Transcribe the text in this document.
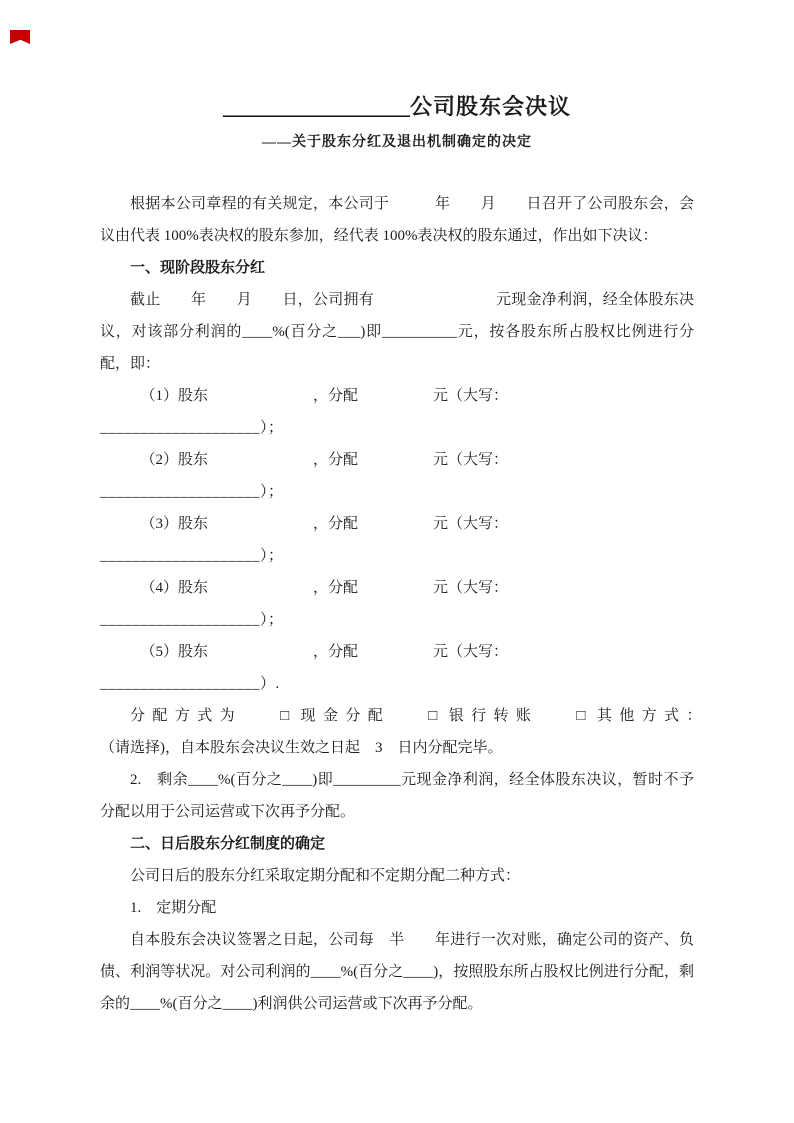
_________________公司股东会决议
——关于股东分红及退出机制确定的决定

根据本公司章程的有关规定，本公司于　　　年　　月　　日召开了公司股东会，会议由代表 100%表决权的股东参加，经代表 100%表决权的股东通过，作出如下决议：

一、现阶段股东分红

截止　　年　　月　　日，公司拥有　　　　　　　　元现金净利润，经全体股东决议，对该部分利润的____%(百分之___)即__________元，按各股东所占股权比例进行分配，即：

（1）股东　　　　　　　，分配　　　　　元（大写：

____________________）；

（2）股东　　　　　　　，分配　　　　　元（大写：

____________________）；

（3）股东　　　　　　　，分配　　　　　元（大写：

____________________）；

（4）股东　　　　　　　，分配　　　　　元（大写：

____________________）；

（5）股东　　　　　　　，分配　　　　　元（大写：

____________________）.

分配方式为	□ 现金分配	□ 银行转账	□ 其他方式：　　　　　　　　　　　　　（请选择)，自本股东会决议生效之日起　3　日内分配完毕。

2.　剩余____%(百分之____)即_________元现金净利润，经全体股东决议，暂时不予分配以用于公司运营或下次再予分配。

二、日后股东分红制度的确定

公司日后的股东分红采取定期分配和不定期分配二种方式：

1.　定期分配

自本股东会决议签署之日起，公司每　半　　年进行一次对账，确定公司的资产、负债、利润等状况。对公司利润的____%(百分之____)，按照股东所占股权比例进行分配，剩余的____%(百分之____)利润供公司运营或下次再予分配。
